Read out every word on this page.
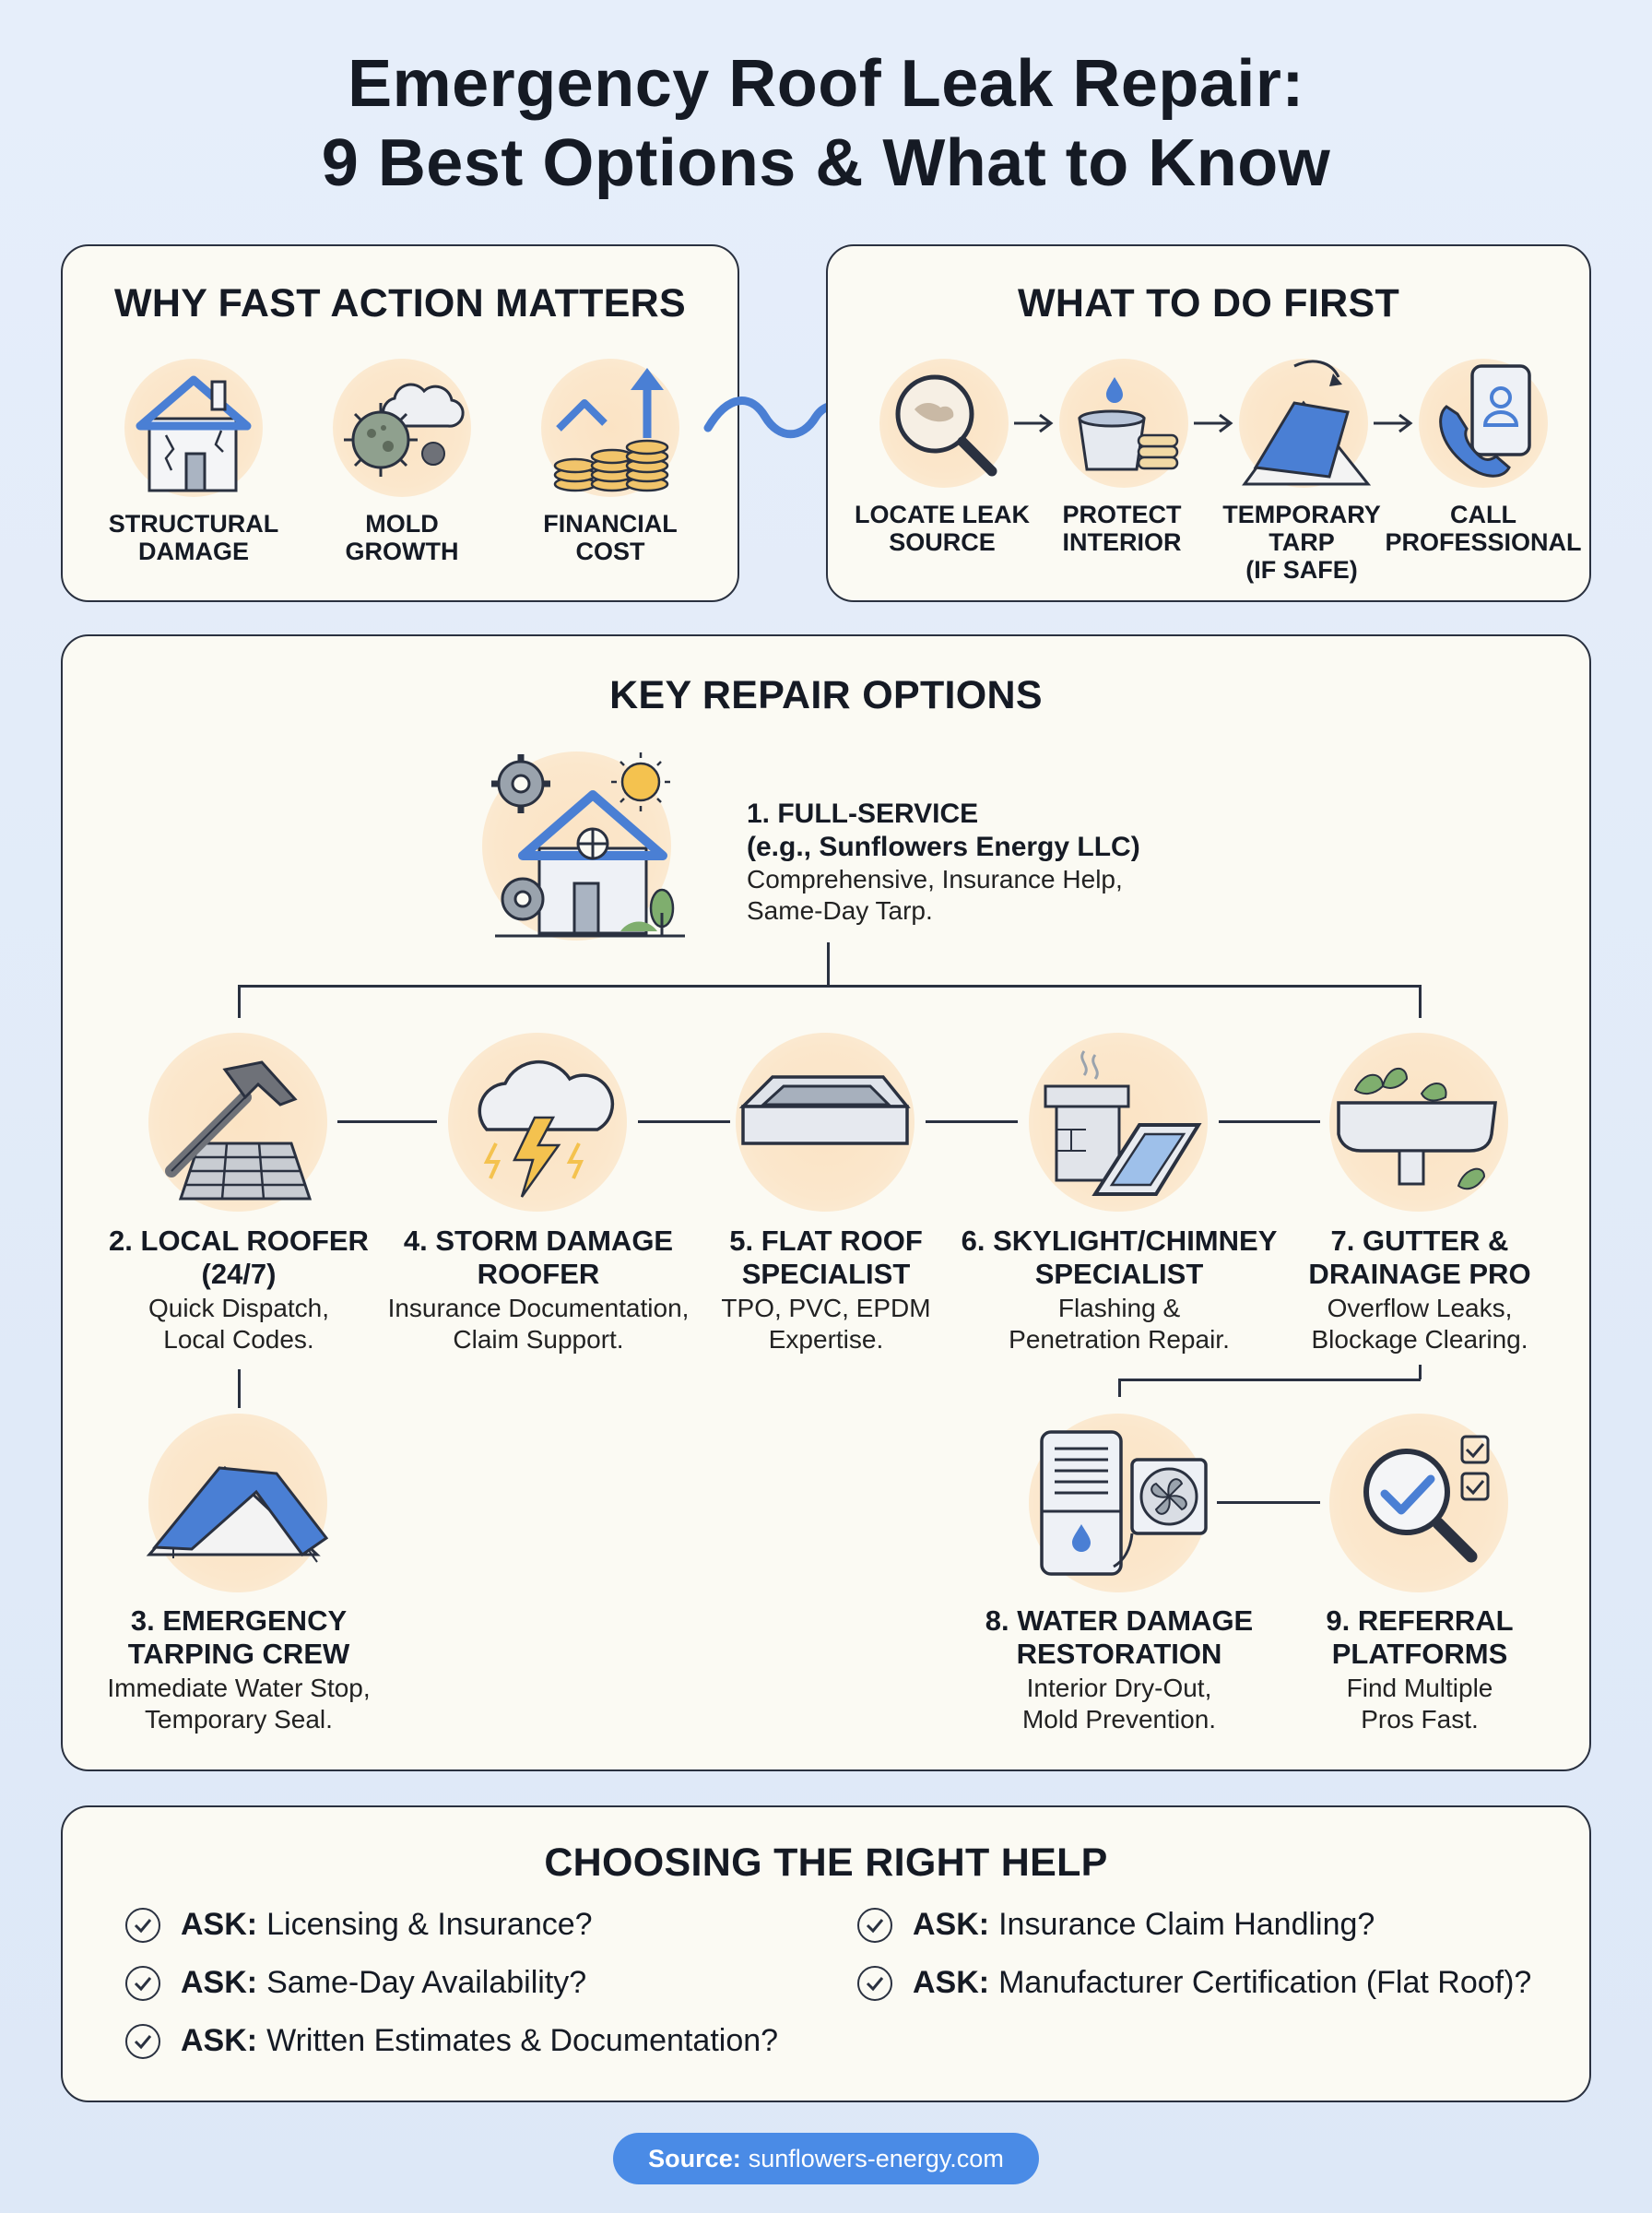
Emergency Roof Leak Repair:
9 Best Options & What to Know
WHY FAST ACTION MATTERS
STRUCTURAL
DAMAGE
MOLD
GROWTH
FINANCIAL
COST
WHAT TO DO FIRST
LOCATE LEAK
SOURCE
PROTECT
INTERIOR
TEMPORARY
TARP
(IF SAFE)
CALL
PROFESSIONAL
KEY REPAIR OPTIONS
1. FULL-SERVICE
(e.g., Sunflowers Energy LLC)
Comprehensive, Insurance Help,
Same-Day Tarp.
2. LOCAL ROOFER
(24/7)
Quick Dispatch,
Local Codes.
4. STORM DAMAGE
ROOFER
Insurance Documentation,
Claim Support.
5. FLAT ROOF
SPECIALIST
TPO, PVC, EPDM
Expertise.
6. SKYLIGHT/CHIMNEY
SPECIALIST
Flashing &
Penetration Repair.
7. GUTTER &
DRAINAGE PRO
Overflow Leaks,
Blockage Clearing.
3. EMERGENCY
TARPING CREW
Immediate Water Stop,
Temporary Seal.
8. WATER DAMAGE
RESTORATION
Interior Dry-Out,
Mold Prevention.
9. REFERRAL
PLATFORMS
Find Multiple
Pros Fast.
CHOOSING THE RIGHT HELP
ASK: Licensing & Insurance?
ASK: Same-Day Availability?
ASK: Written Estimates & Documentation?
ASK: Insurance Claim Handling?
ASK: Manufacturer Certification (Flat Roof)?
Source: sunflowers-energy.com
